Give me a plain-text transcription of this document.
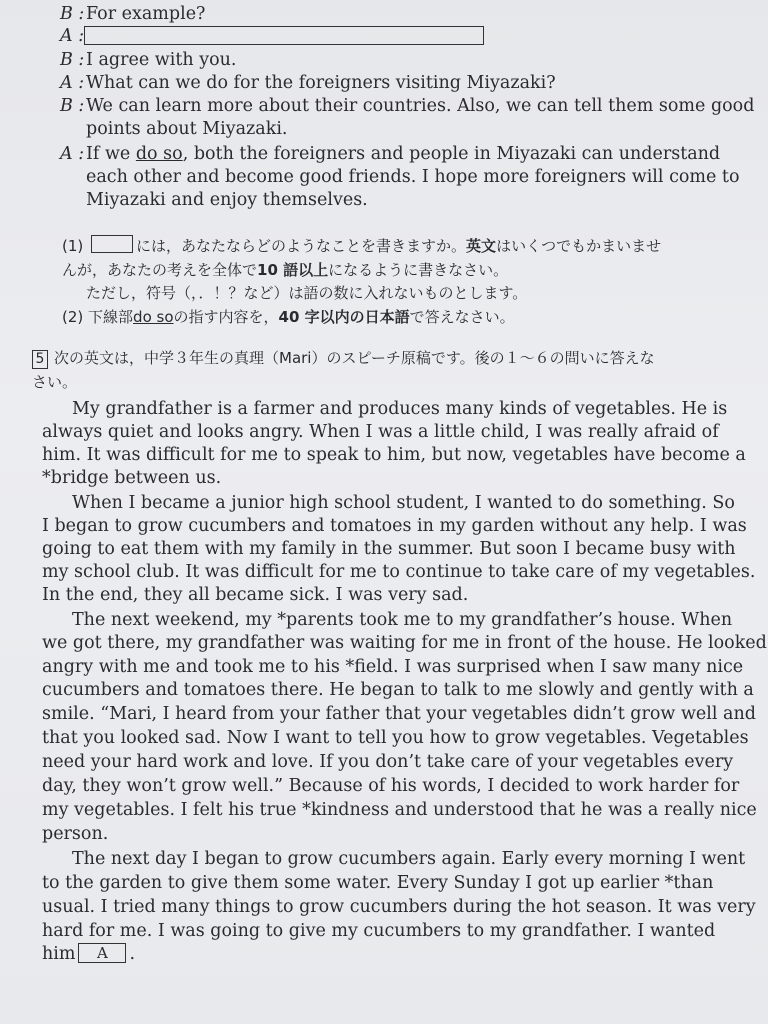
B :For example?
A :
B :I agree with you.
A : What can we do for the foreigners visiting Miyazaki?
B :We can learn more about their countries. Also, we can tell them some good
points about Miyazaki.
A : If we do so, both the foreigners and people in Miyazaki can understand
each other and become good friends. I hope more foreigners will come to
Miyazaki and enjoy themselves.
(1)	には，あなたならどのようなことを書きますか。英文はいくつでもかまいませ
んが，あなたの考えを全体で10 語以上になるように書きなさい。
ただし，符号（，．！？など）は語の数に入れないものとします。
(2) 下線部do soの指す内容を，40 字以内の日本語で答えなさい。
5 次の英文は，中学３年生の真理（Mari）のスピーチ原稿です。後の１～６の問いに答えな
さい。
My grandfather is a farmer and produces many kinds of vegetables. He is
always quiet and looks angry. When I was a little child, I was really afraid of
him. It was difficult for me to speak to him, but now, vegetables have become a
*bridge between us.
When I became a junior high school student, I wanted to do something. So
I began to grow cucumbers and tomatoes in my garden without any help. I was
going to eat them with my family in the summer. But soon I became busy with
my school club. It was difficult for me to continue to take care of my vegetables.
In the end, they all became sick. I was very sad.
The next weekend, my *parents took me to my grandfather’s house. When
we got there, my grandfather was waiting for me in front of the house. He looked
angry with me and took me to his *field. I was surprised when I saw many nice
cucumbers and tomatoes there. He began to talk to me slowly and gently with a
smile. “Mari, I heard from your father that your vegetables didn’t grow well and
that you looked sad. Now I want to tell you how to grow vegetables. Vegetables
need your hard work and love. If you don’t take care of your vegetables every
day, they won’t grow well.” Because of his words, I decided to work harder for
my vegetables. I felt his true *kindness and understood that he was a really nice
person.
The next day I began to grow cucumbers again. Early every morning I went
to the garden to give them some water. Every Sunday I got up earlier *than
usual. I tried many things to grow cucumbers during the hot season. It was very
hard for me. I was going to give my cucumbers to my grandfather. I wanted
him A .
